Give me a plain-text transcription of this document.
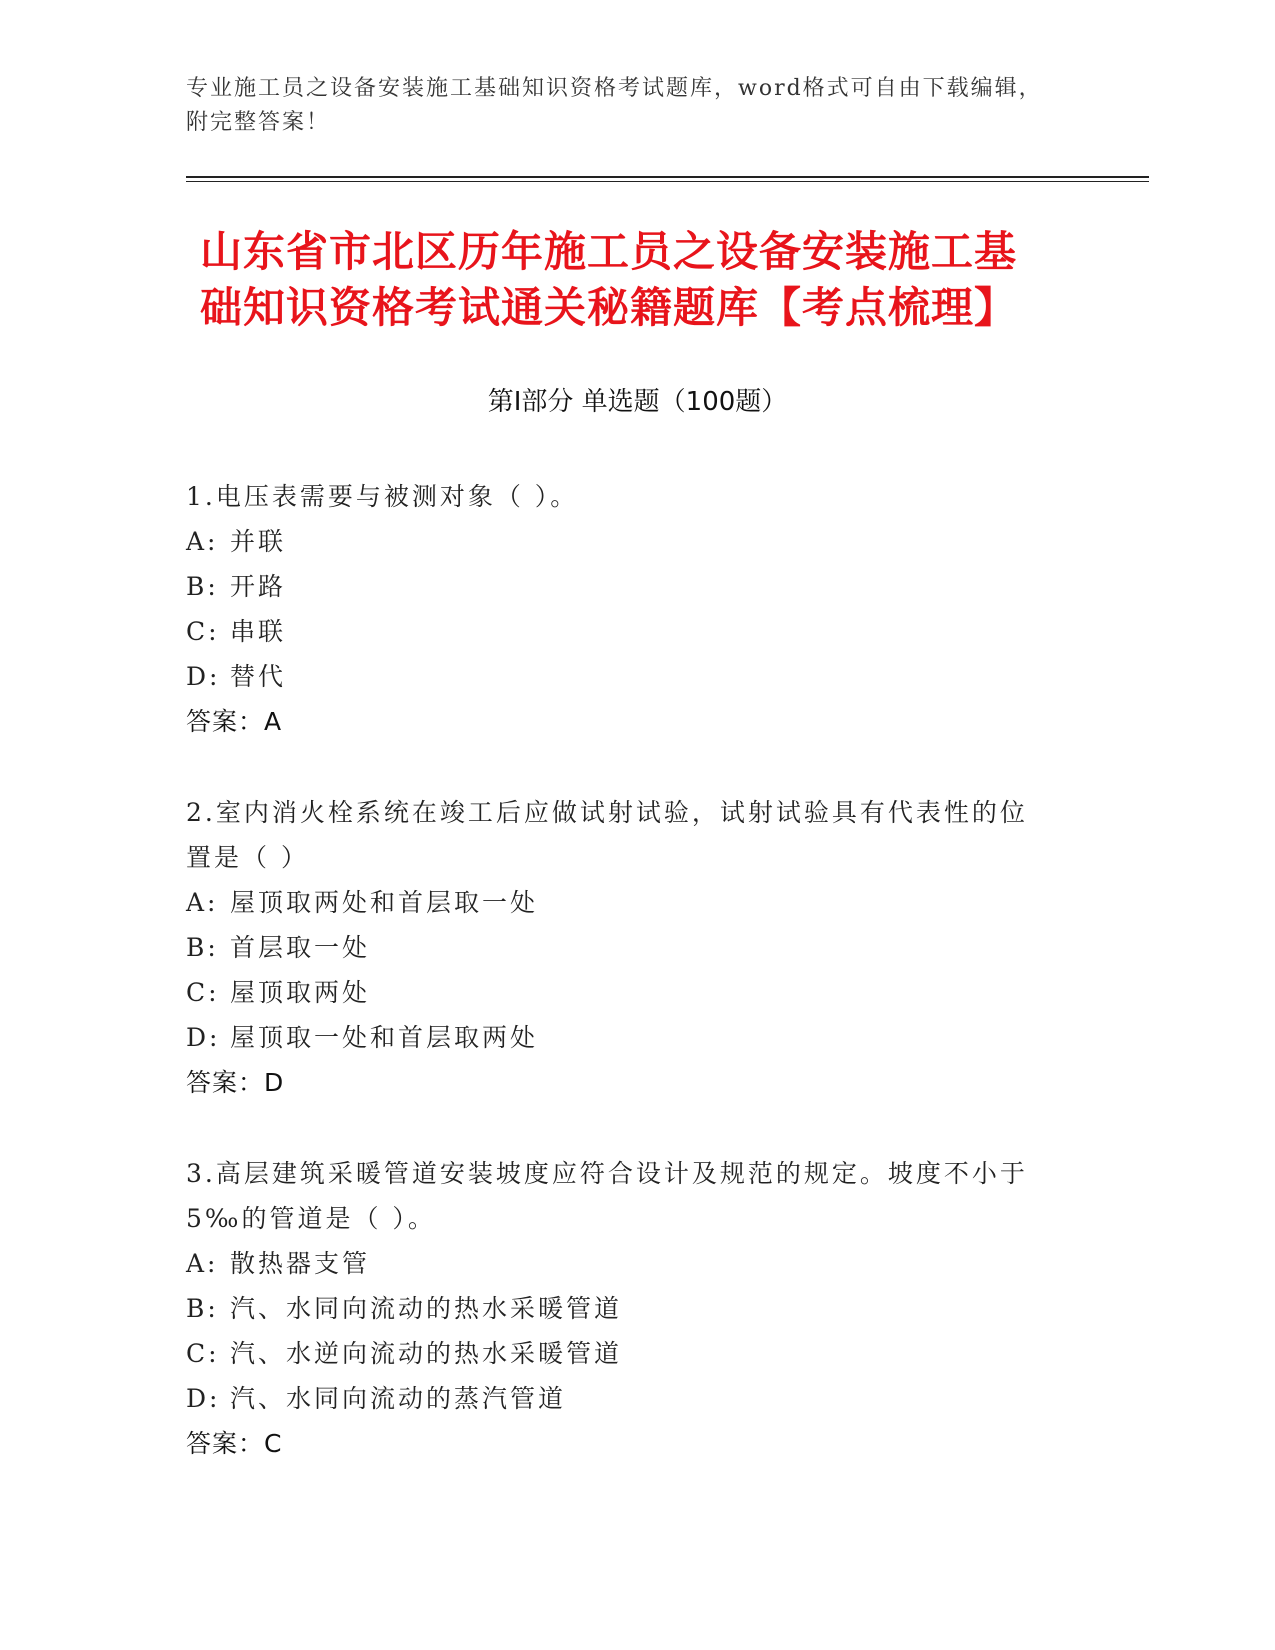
专业施工员之设备安装施工基础知识资格考试题库，word格式可自由下载编辑，
附完整答案！
山东省市北区历年施工员之设备安装施工基
础知识资格考试通关秘籍题库【考点梳理】
第Ⅰ部分 单选题（100题）
1.电压表需要与被测对象（ ）。
A: 并联
B: 开路
C: 串联
D: 替代
答案：A
2.室内消火栓系统在竣工后应做试射试验，试射试验具有代表性的位
置是（ ）
A: 屋顶取两处和首层取一处
B: 首层取一处
C: 屋顶取两处
D: 屋顶取一处和首层取两处
答案：D
3.高层建筑采暖管道安装坡度应符合设计及规范的规定。坡度不小于
5‰的管道是（ ）。
A: 散热器支管
B: 汽、水同向流动的热水采暖管道
C: 汽、水逆向流动的热水采暖管道
D: 汽、水同向流动的蒸汽管道
答案：C
